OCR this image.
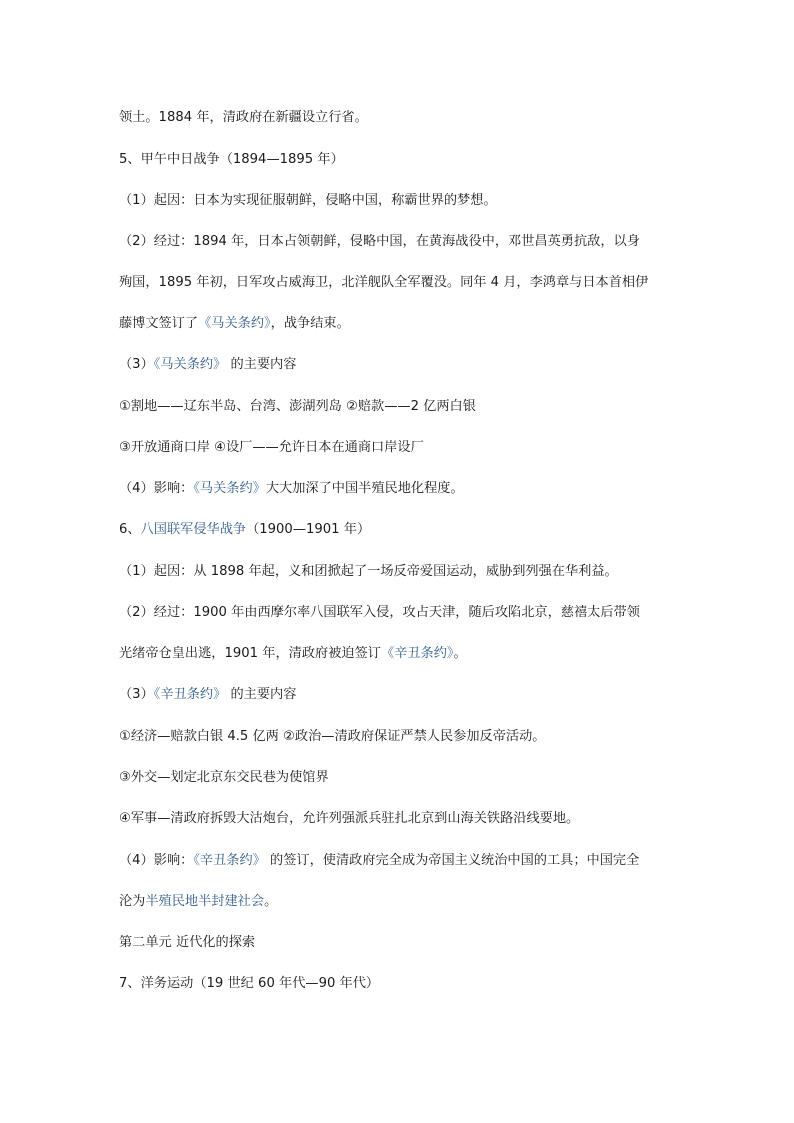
领土。1884 年，清政府在新疆设立行省。
5、甲午中日战争（1894—1895 年）
（1）起因：日本为实现征服朝鲜，侵略中国，称霸世界的梦想。
（2）经过：1894 年，日本占领朝鲜，侵略中国，在黄海战役中，邓世昌英勇抗敌，以身
殉国，1895 年初，日军攻占威海卫，北洋舰队全军覆没。同年 4 月，李鸿章与日本首相伊
藤博文签订了《马关条约》，战争结束。
（3）《马关条约》 的主要内容
①割地——辽东半岛、台湾、澎湖列岛 ②赔款——2 亿两白银
③开放通商口岸 ④设厂——允许日本在通商口岸设厂
（4）影响：《马关条约》大大加深了中国半殖民地化程度。
6、八国联军侵华战争（1900—1901 年）
（1）起因：从 1898 年起，义和团掀起了一场反帝爱国运动，威胁到列强在华利益。
（2）经过：1900 年由西摩尔率八国联军入侵，攻占天津，随后攻陷北京，慈禧太后带领
光绪帝仓皇出逃，1901 年，清政府被迫签订《辛丑条约》。
（3）《辛丑条约》 的主要内容
①经济—赔款白银 4.5 亿两 ②政治—清政府保证严禁人民参加反帝活动。
③外交—划定北京东交民巷为使馆界
④军事—清政府拆毁大沽炮台，允许列强派兵驻扎北京到山海关铁路沿线要地。
（4）影响：《辛丑条约》 的签订，使清政府完全成为帝国主义统治中国的工具；中国完全
沦为半殖民地半封建社会。
第二单元 近代化的探索
7、洋务运动（19 世纪 60 年代—90 年代）
